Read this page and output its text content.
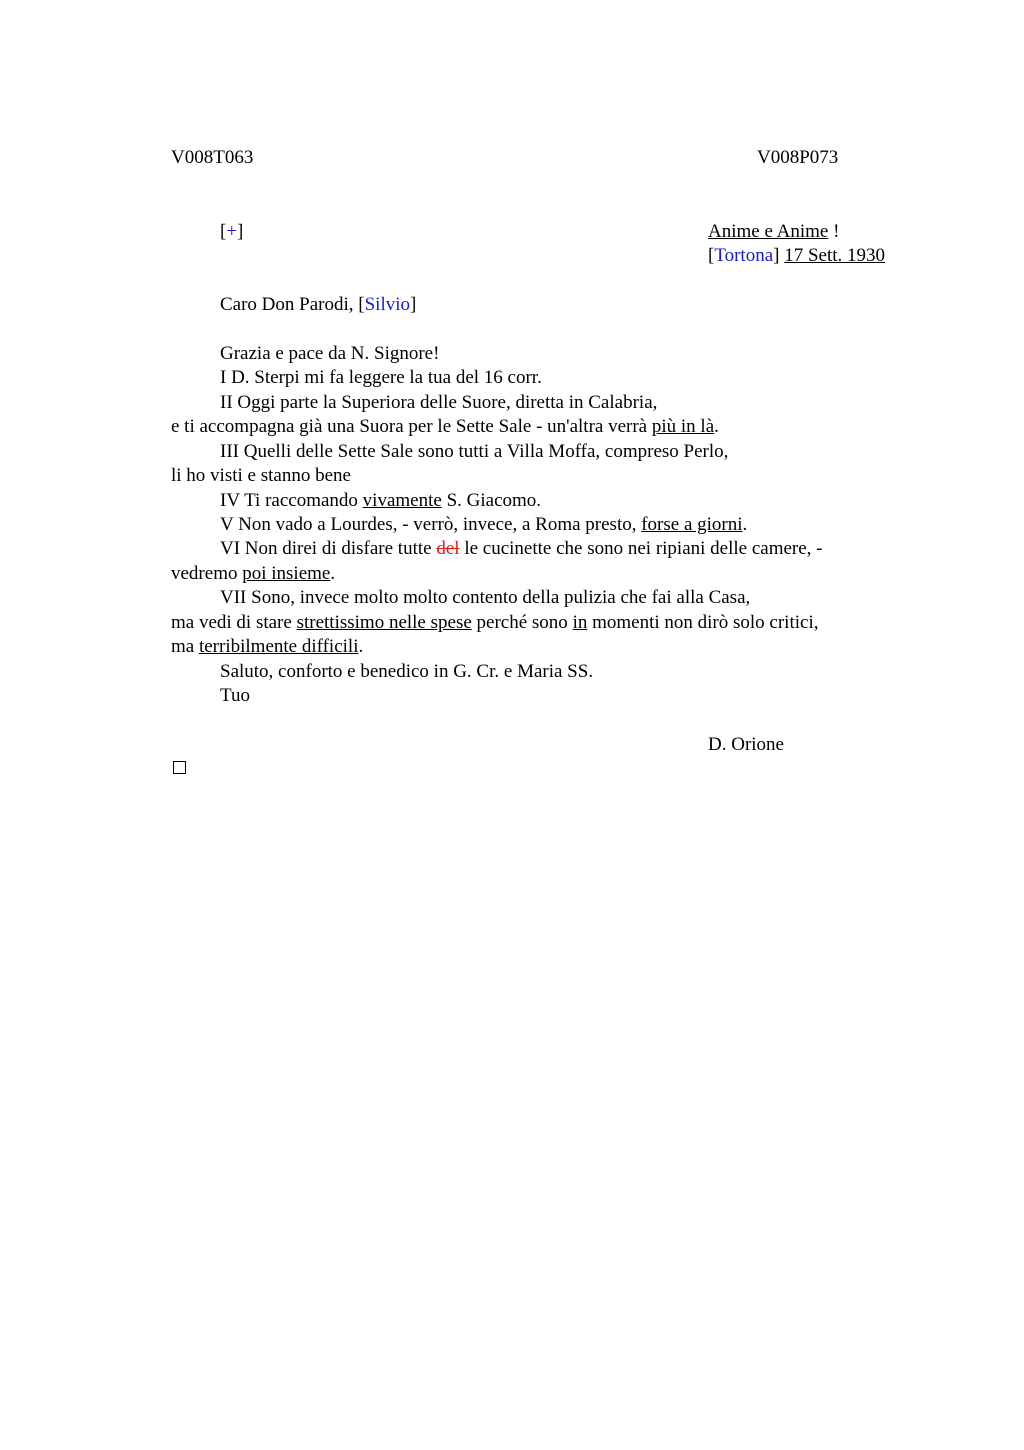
V008T063	V008P073
[+]	Anime e Anime !
[Tortona] 17 Sett. 1930
Caro Don Parodi, [Silvio]
Grazia e pace da N. Signore!
I D. Sterpi mi fa leggere la tua del 16 corr.
II Oggi parte la Superiora delle Suore, diretta in Calabria,
e ti accompagna già una Suora per le Sette Sale - un'altra verrà più in là.
III Quelli delle Sette Sale sono tutti a Villa Moffa, compreso Perlo,
li ho visti e stanno bene
IV Ti raccomando vivamente S. Giacomo.
V Non vado a Lourdes, - verrò, invece, a Roma presto, forse a giorni.
VI Non direi di disfare tutte del le cucinette che sono nei ripiani delle camere, -
vedremo poi insieme.
VII Sono, invece molto molto contento della pulizia che fai alla Casa,
ma vedi di stare strettissimo nelle spese perché sono in momenti non dirò solo critici,
ma terribilmente difficili.
Saluto, conforto e benedico in G. Cr. e Maria SS.
Tuo
D. Orione
